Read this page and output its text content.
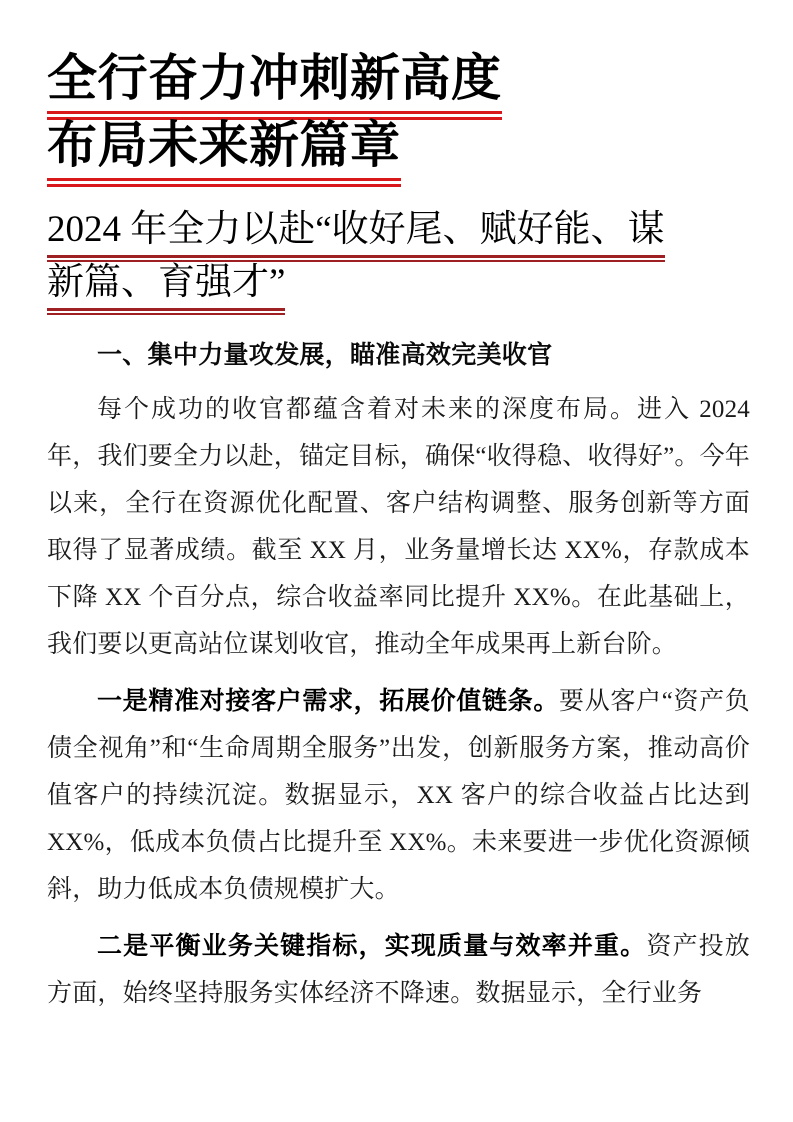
全行奋力冲刺新高度
布局未来新篇章
2024 年全力以赴“收好尾、赋好能、谋
新篇、育强才”
一、集中力量攻发展，瞄准高效完美收官

每个成功的收官都蕴含着对未来的深度布局。进入 2024 年，我们要全力以赴，锚定目标，确保“收得稳、收得好”。今年以来，全行在资源优化配置、客户结构调整、服务创新等方面取得了显著成绩。截至 XX 月，业务量增长达 XX%，存款成本下降 XX 个百分点，综合收益率同比提升 XX%。在此基础上，我们要以更高站位谋划收官，推动全年成果再上新台阶。

一是精准对接客户需求，拓展价值链条。要从客户“资产负债全视角”和“生命周期全服务”出发，创新服务方案，推动高价值客户的持续沉淀。数据显示，XX 客户的综合收益占比达到 XX%，低成本负债占比提升至 XX%。未来要进一步优化资源倾斜，助力低成本负债规模扩大。

二是平衡业务关键指标，实现质量与效率并重。资产投放方面，始终坚持服务实体经济不降速。数据显示，全行业务
